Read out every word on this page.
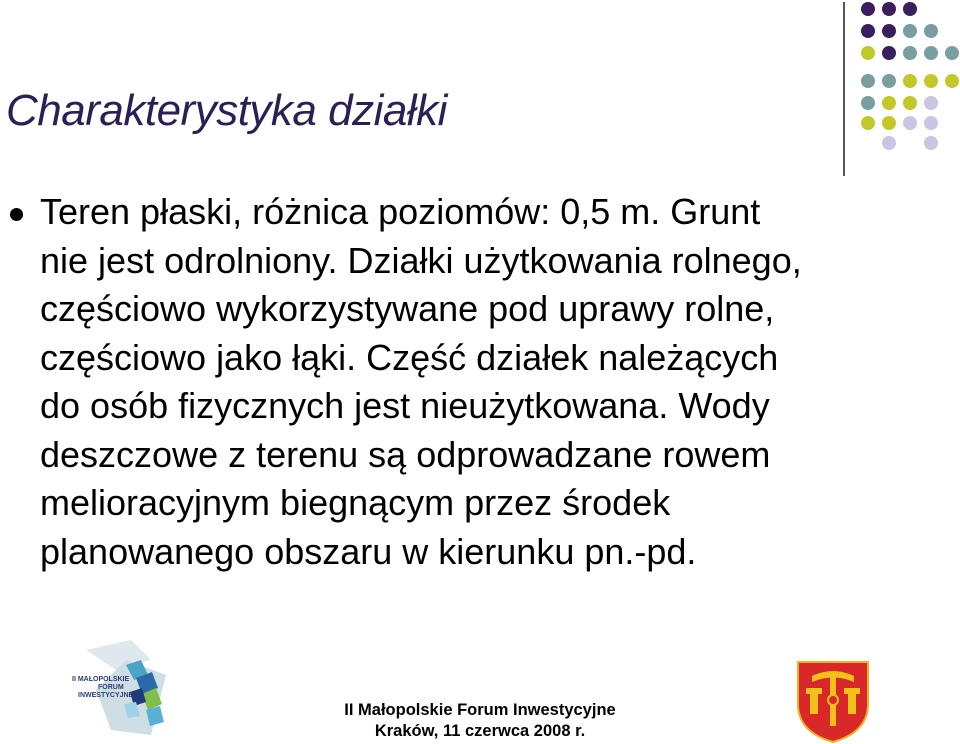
Charakterystyka działki

Teren płaski, różnica poziomów: 0,5 m. Grunt
nie jest odrolniony. Działki użytkowania rolnego,
częściowo wykorzystywane pod uprawy rolne,
częściowo jako łąki. Część działek należących
do osób fizycznych jest nieużytkowana. Wody
deszczowe z terenu są odprowadzane rowem
melioracyjnym biegnącym przez środek
planowanego obszaru w kierunku pn.-pd.

II MAŁOPOLSKIE
FORUM
INWESTYCYJNE
II Małopolskie Forum Inwestycyjne
Kraków, 11 czerwca 2008 r.
